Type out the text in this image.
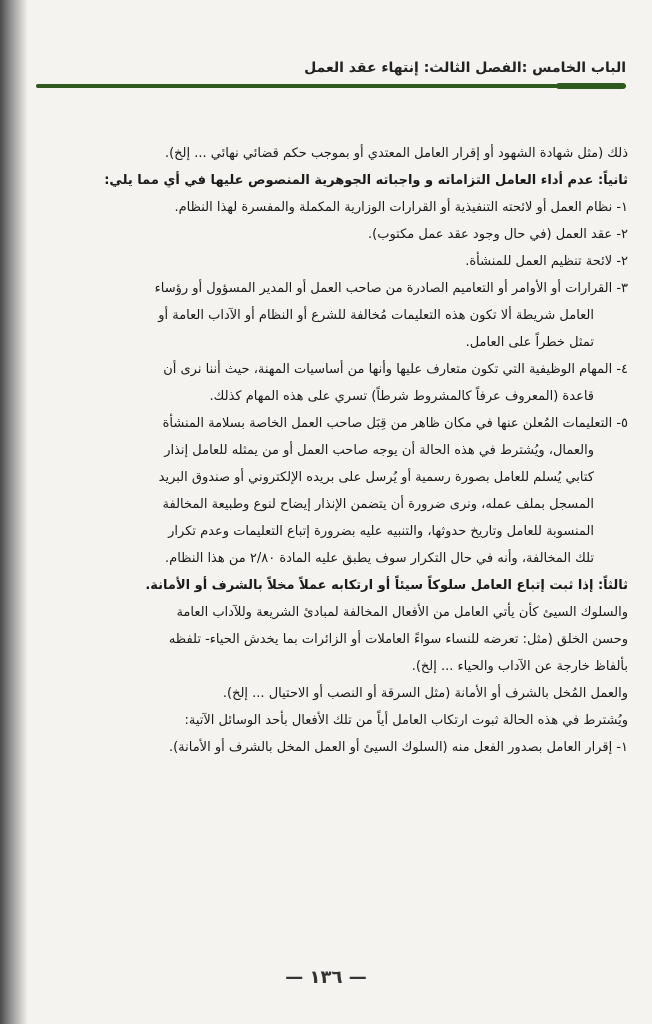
الباب الخامس :الفصل الثالث: إنتهاء عقد العمل
ذلك (مثل شهادة الشهود أو إقرار العامل المعتدي أو بموجب حكم قضائي نهائي ... إلخ).
ثانياً: عدم أداء العامل التزاماته و واجباته الجوهرية المنصوص عليها في أي مما يلي:
١- نظام العمل أو لائحته التنفيذية أو القرارات الوزارية المكملة والمفسرة لهذا النظام.
٢- عقد العمل (في حال وجود عقد عمل مكتوب).
٢- لائحة تنظيم العمل للمنشأة.
٣- القرارات أو الأوامر أو التعاميم الصادرة من صاحب العمل أو المدير المسؤول أو رؤساء
العامل شريطة ألا تكون هذه التعليمات مُخالفة للشرع أو النظام أو الآداب العامة أو
تمثل خطراً على العامل.
٤- المهام الوظيفية التي تكون متعارف عليها وأنها من أساسيات المهنة، حيث أننا نرى أن
قاعدة (المعروف عرفاً كالمشروط شرطاً) تسري على هذه المهام كذلك.
٥- التعليمات المُعلن عنها في مكان ظاهر من قِبَل صاحب العمل الخاصة بسلامة المنشأة
والعمال، ويُشترط في هذه الحالة أن يوجه صاحب العمل أو من يمثله للعامل إنذار
كتابي يُسلم للعامل بصورة رسمية أو يُرسل على بريده الإلكتروني أو صندوق البريد
المسجل بملف عمله، ونرى ضرورة أن يتضمن الإنذار إيضاح لنوع وطبيعة المخالفة
المنسوبة للعامل وتاريخ حدوثها، والتنبيه عليه بضرورة إتباع التعليمات وعدم تكرار
تلك المخالفة، وأنه في حال التكرار سوف يطبق عليه المادة ٢/٨٠ من هذا النظام.
ثالثاً: إذا ثبت إتباع العامل سلوكاً سيئاً أو ارتكابه عملاً مخلاً بالشرف أو الأمانة.
والسلوك السيئ كأن يأتي العامل من الأفعال المخالفة لمبادئ الشريعة وللآداب العامة
وحسن الخلق (مثل: تعرضه للنساء سواءً العاملات أو الزائرات بما يخدش الحياء- تلفظه
بألفاظ خارجة عن الآداب والحياء ... إلخ).
والعمل المُخل بالشرف أو الأمانة (مثل السرقة أو النصب أو الاحتيال ... إلخ).
ويُشترط في هذه الحالة ثبوت ارتكاب العامل أياً من تلك الأفعال بأحد الوسائل الآتية:
١- إقرار العامل بصدور الفعل منه (السلوك السيئ أو العمل المخل بالشرف أو الأمانة).
— ١٣٦ —
